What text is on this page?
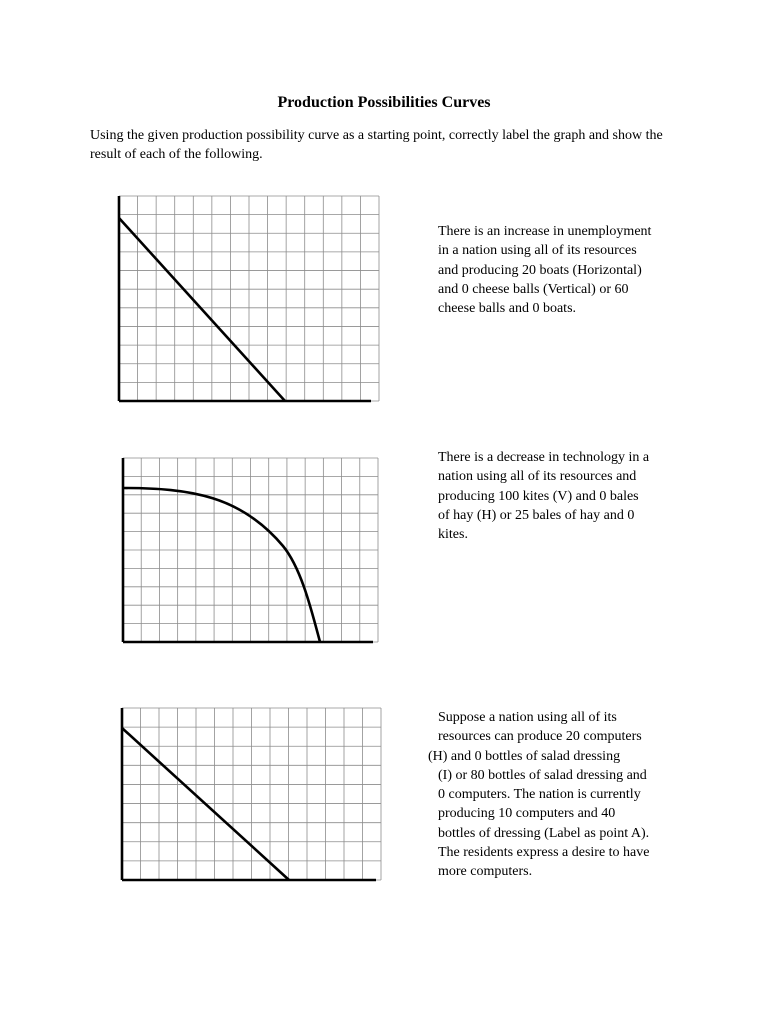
Production Possibilities Curves
Using the given production possibility curve as a starting point, correctly label the graph and show the result of each of the following.
There is an increase in unemployment
in a nation using all of its resources
and producing 20 boats (Horizontal)
and 0 cheese balls (Vertical) or 60
cheese balls and 0 boats.
There is a decrease in technology in a
nation using all of its resources and
producing 100 kites (V) and 0 bales
of hay (H) or 25 bales of hay and 0
kites.
Suppose a nation using all of its
resources can produce 20 computers
(H) and 0 bottles of salad dressing
(I) or 80 bottles of salad dressing and
0 computers. The nation is currently
producing 10 computers and 40
bottles of dressing (Label as point A).
The residents express a desire to have
more computers.
